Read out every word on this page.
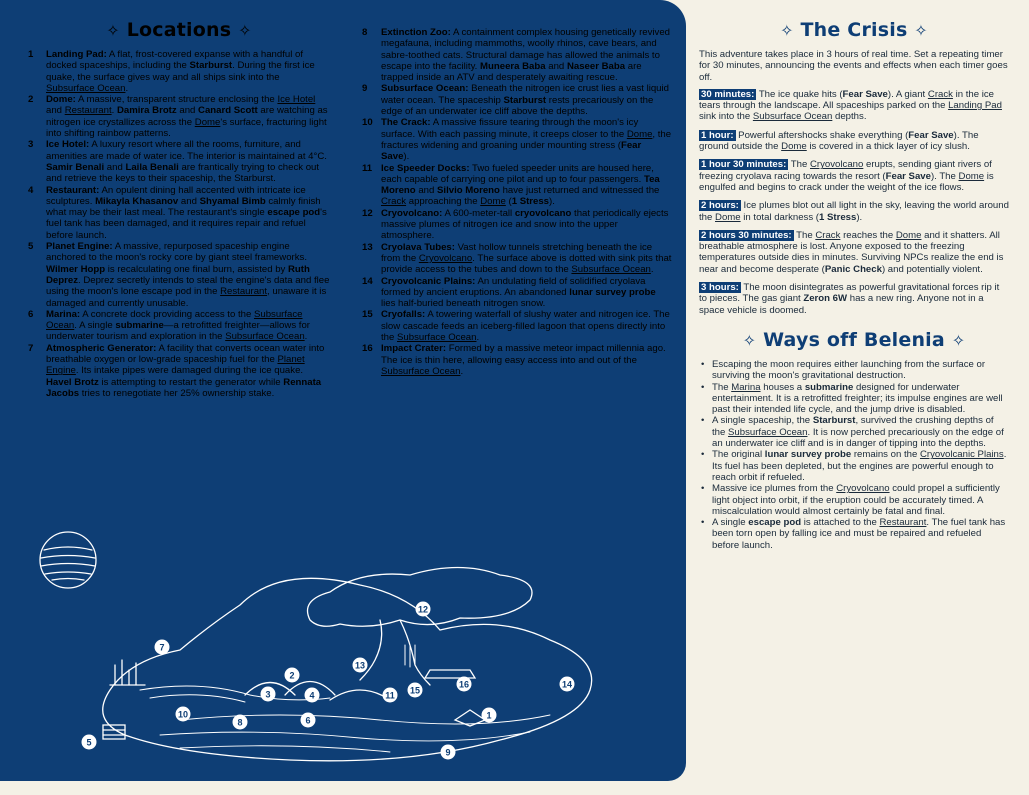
✧ Locations ✧
1	Landing Pad: A flat, frost-covered expanse with a handful of docked spaceships, including the Starburst. During the first ice quake, the surface gives way and all ships sink into the Subsurface Ocean.
2	Dome: A massive, transparent structure enclosing the Ice Hotel and Restaurant. Damira Brotz and Canard Scott are watching as nitrogen ice crystallizes across the Dome's surface, fracturing light into shifting rainbow patterns.
3	Ice Hotel: A luxury resort where all the rooms, furniture, and amenities are made of water ice. The interior is maintained at 4°C. Samir Benali and Laila Benali are frantically trying to check out and retrieve the keys to their spaceship, the Starburst.
4	Restaurant: An opulent dining hall accented with intricate ice sculptures. Mikayla Khasanov and Shyamal Bimb calmly finish what may be their last meal. The restaurant's single escape pod's fuel tank has been damaged, and it requires repair and refuel before launch.
5	Planet Engine: A massive, repurposed spaceship engine anchored to the moon's rocky core by giant steel frameworks. Wilmer Hopp is recalculating one final burn, assisted by Ruth Deprez. Deprez secretly intends to steal the engine's data and flee using the moon's lone escape pod in the Restaurant, unaware it is damaged and currently unusable.
6	Marina: A concrete dock providing access to the Subsurface Ocean. A single submarine—a retrofitted freighter—allows for underwater tourism and exploration in the Subsurface Ocean.
7	Atmospheric Generator: A facility that converts ocean water into breathable oxygen or low-grade spaceship fuel for the Planet Engine. Its intake pipes were damaged during the ice quake. Havel Brotz is attempting to restart the generator while Rennata Jacobs tries to renegotiate her 25% ownership stake.
8	Extinction Zoo: A containment complex housing genetically revived megafauna, including mammoths, woolly rhinos, cave bears, and sabre-toothed cats. Structural damage has allowed the animals to escape into the facility. Muneera Baba and Naseer Baba are trapped inside an ATV and desperately awaiting rescue.
9	Subsurface Ocean: Beneath the nitrogen ice crust lies a vast liquid water ocean. The spaceship Starburst rests precariously on the edge of an underwater ice cliff above the depths.
10 The Crack: A massive fissure tearing through the moon's icy surface. With each passing minute, it creeps closer to the Dome, the fractures widening and groaning under mounting stress (Fear Save).
11 Ice Speeder Docks: Two fueled speeder units are housed here, each capable of carrying one pilot and up to four passengers. Tea Moreno and Silvio Moreno have just returned and witnessed the Crack approaching the Dome (1 Stress).
12 Cryovolcano: A 600-meter-tall cryovolcano that periodically ejects massive plumes of nitrogen ice and snow into the upper atmosphere.
13 Cryolava Tubes: Vast hollow tunnels stretching beneath the ice from the Cryovolcano. The surface above is dotted with sink pits that provide access to the tubes and down to the Subsurface Ocean.
14 Cryovolcanic Plains: An undulating field of solidified cryolava formed by ancient eruptions. An abandoned lunar survey probe lies half-buried beneath nitrogen snow.
15 Cryofalls: A towering waterfall of slushy water and nitrogen ice. The slow cascade feeds an iceberg-filled lagoon that opens directly into the Subsurface Ocean.
16 Impact Crater: Formed by a massive meteor impact millennia ago. The ice is thin here, allowing easy access into and out of the Subsurface Ocean.
✧ The Crisis ✧

This adventure takes place in 3 hours of real time. Set a repeating timer for 30 minutes, announcing the events and effects when each timer goes off.

30 minutes: The ice quake hits (Fear Save). A giant Crack in the ice tears through the landscape. All spaceships parked on the Landing Pad sink into the Subsurface Ocean depths.

1 hour: Powerful aftershocks shake everything (Fear Save). The ground outside the Dome is covered in a thick layer of icy slush.

1 hour 30 minutes: The Cryovolcano erupts, sending giant rivers of freezing cryolava racing towards the resort (Fear Save). The Dome is engulfed and begins to crack under the weight of the ice flows.

2 hours: Ice plumes blot out all light in the sky, leaving the world around the Dome in total darkness (1 Stress).

2 hours 30 minutes: The Crack reaches the Dome and it shatters. All breathable atmosphere is lost. Anyone exposed to the freezing temperatures outside dies in minutes. Surviving NPCs realize the end is near and become desperate (Panic Check) and potentially violent.

3 hours: The moon disintegrates as powerful gravitational forces rip it to pieces. The gas giant Zeron 6W has a new ring. Anyone not in a space vehicle is doomed.

✧ Ways off Belenia ✧
• Escaping the moon requires either launching from the surface or surviving the moon's gravitational destruction.
• The Marina houses a submarine designed for underwater entertainment. It is a retrofitted freighter; its impulse engines are well past their intended life cycle, and the jump drive is disabled.
• A single spaceship, the Starburst, survived the crushing depths of the Subsurface Ocean. It is now perched precariously on the edge of an underwater ice cliff and is in danger of tipping into the depths.
• The original lunar survey probe remains on the Cryovolcanic Plains. Its fuel has been depleted, but the engines are powerful enough to reach orbit if refueled.
• Massive ice plumes from the Cryovolcano could propel a sufficiently light object into orbit, if the eruption could be accurately timed. A miscalculation would almost certainly be fatal and final.
• A single escape pod is attached to the Restaurant. The fuel tank has been torn open by falling ice and must be repaired and refueled before launch.
1
2
3	4
5
6
7
8
9
10
11
12
13
14
15
16
